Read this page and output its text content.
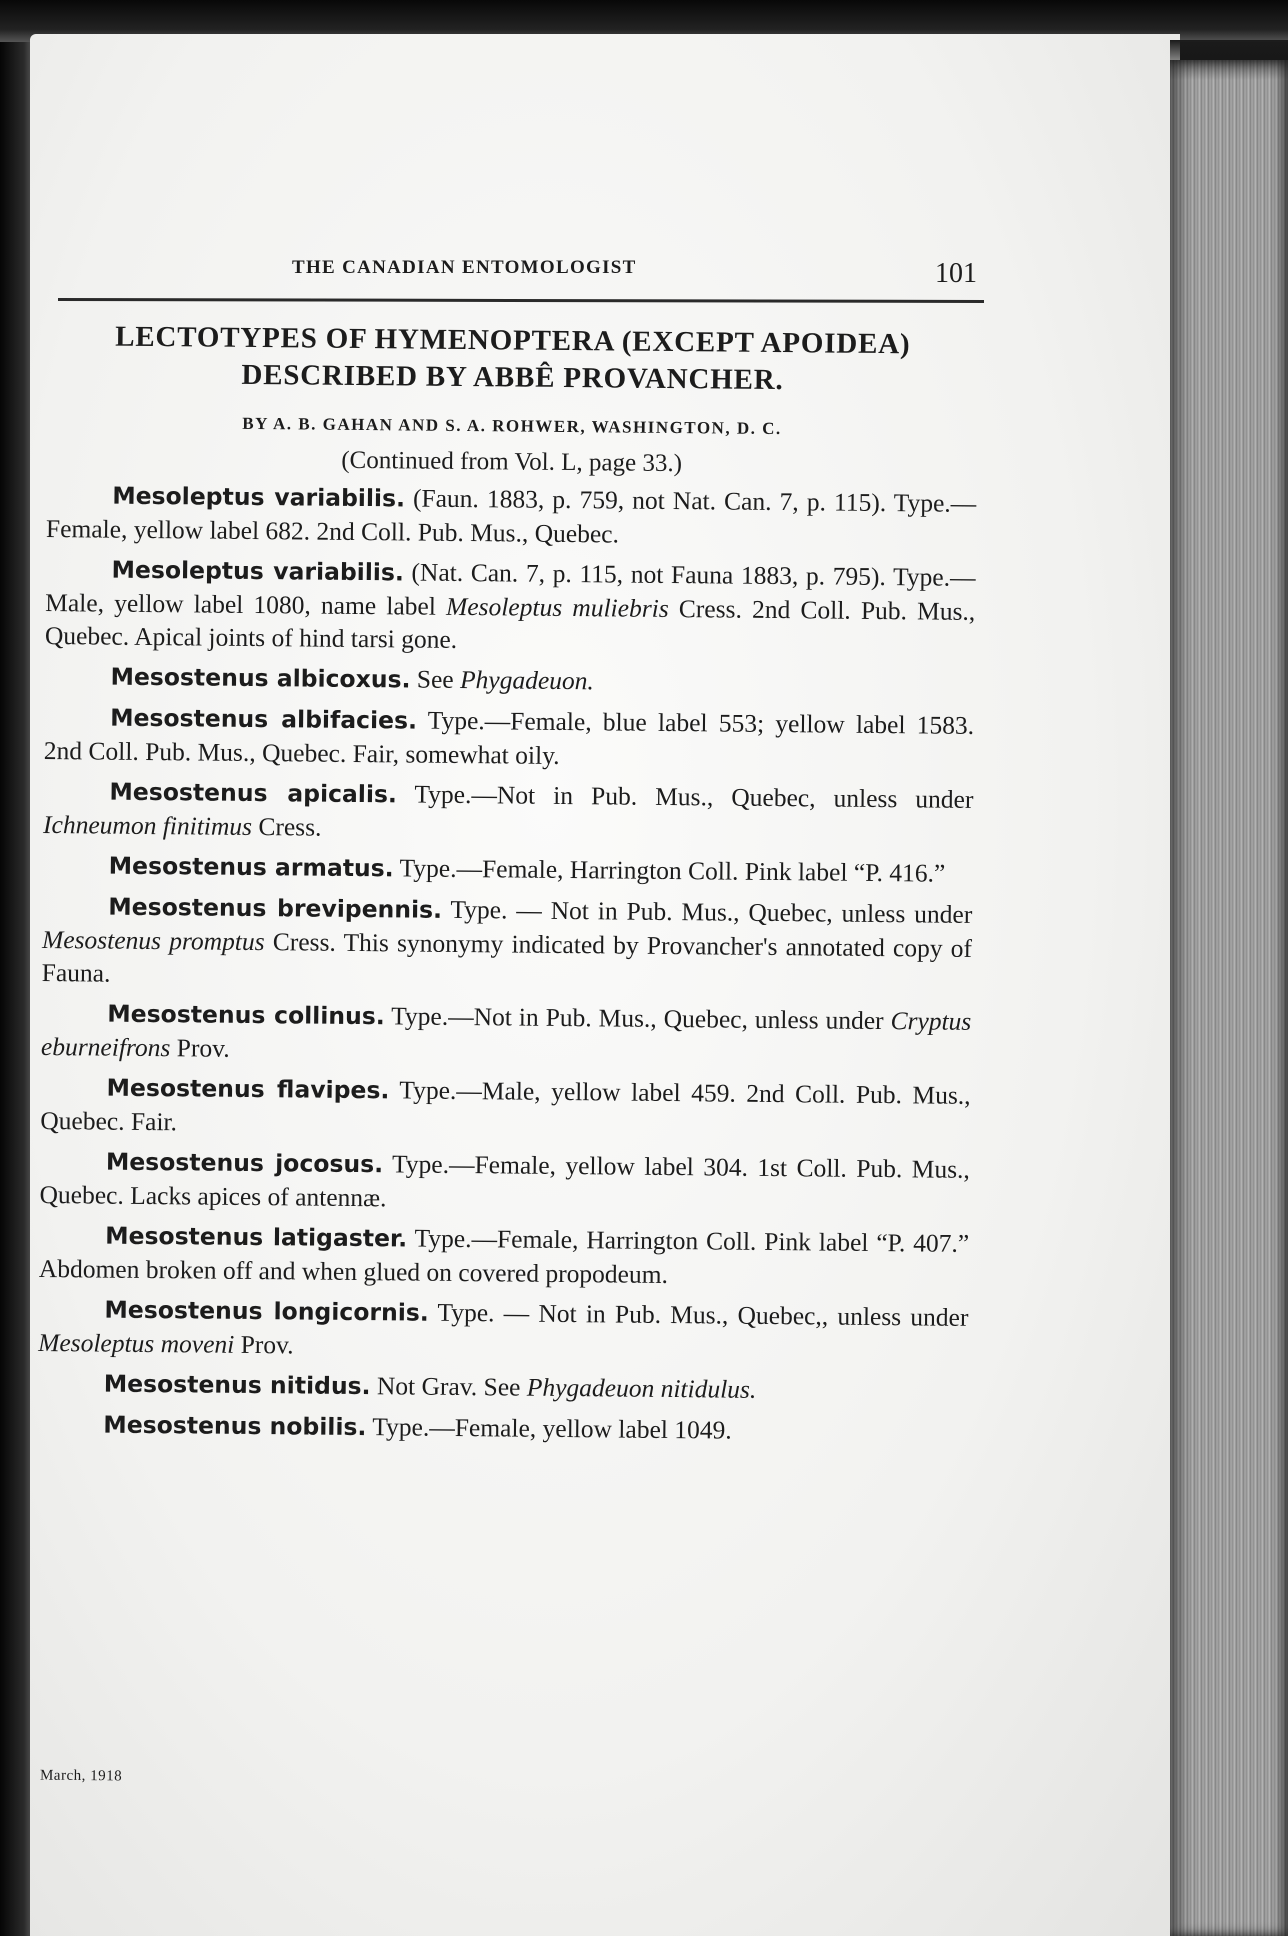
THE CANADIAN ENTOMOLOGIST	101
LECTOTYPES OF HYMENOPTERA (EXCEPT APOIDEA)
DESCRIBED BY ABBÊ PROVANCHER.
BY A. B. GAHAN AND S. A. ROHWER, WASHINGTON, D. C.
(Continued from Vol. L, page 33.)

Mesoleptus variabilis. (Faun. 1883, p. 759, not Nat. Can. 7, p. 115). Type.—Female, yellow label 682. 2nd Coll. Pub. Mus., Quebec.

Mesoleptus variabilis. (Nat. Can. 7, p. 115, not Fauna 1883, p. 795). Type.—Male, yellow label 1080, name label Mesoleptus muliebris Cress. 2nd Coll. Pub. Mus., Quebec. Apical joints of hind tarsi gone.

Mesostenus albicoxus. See Phygadeuon.

Mesostenus albifacies. Type.—Female, blue label 553; yellow label 1583. 2nd Coll. Pub. Mus., Quebec. Fair, somewhat oily.

Mesostenus apicalis. Type.—Not in Pub. Mus., Quebec, unless under Ichneumon finitimus Cress.

Mesostenus armatus. Type.—Female, Harrington Coll. Pink label “P. 416.”

Mesostenus brevipennis. Type. — Not in Pub. Mus., Quebec, unless under Mesostenus promptus Cress. This synonymy indicated by Provancher's annotated copy of Fauna.

Mesostenus collinus. Type.—Not in Pub. Mus., Quebec, unless under Cryptus eburneifrons Prov.

Mesostenus flavipes. Type.—Male, yellow label 459. 2nd Coll. Pub. Mus., Quebec. Fair.

Mesostenus jocosus. Type.—Female, yellow label 304. 1st Coll. Pub. Mus., Quebec. Lacks apices of antennæ.

Mesostenus latigaster. Type.—Female, Harrington Coll. Pink label “P. 407.” Abdomen broken off and when glued on covered propodeum.

Mesostenus longicornis. Type. — Not in Pub. Mus., Quebec,, unless under Mesoleptus moveni Prov.

Mesostenus nitidus. Not Grav. See Phygadeuon nitidulus.

Mesostenus nobilis. Type.—Female, yellow label 1049.

March, 1918
